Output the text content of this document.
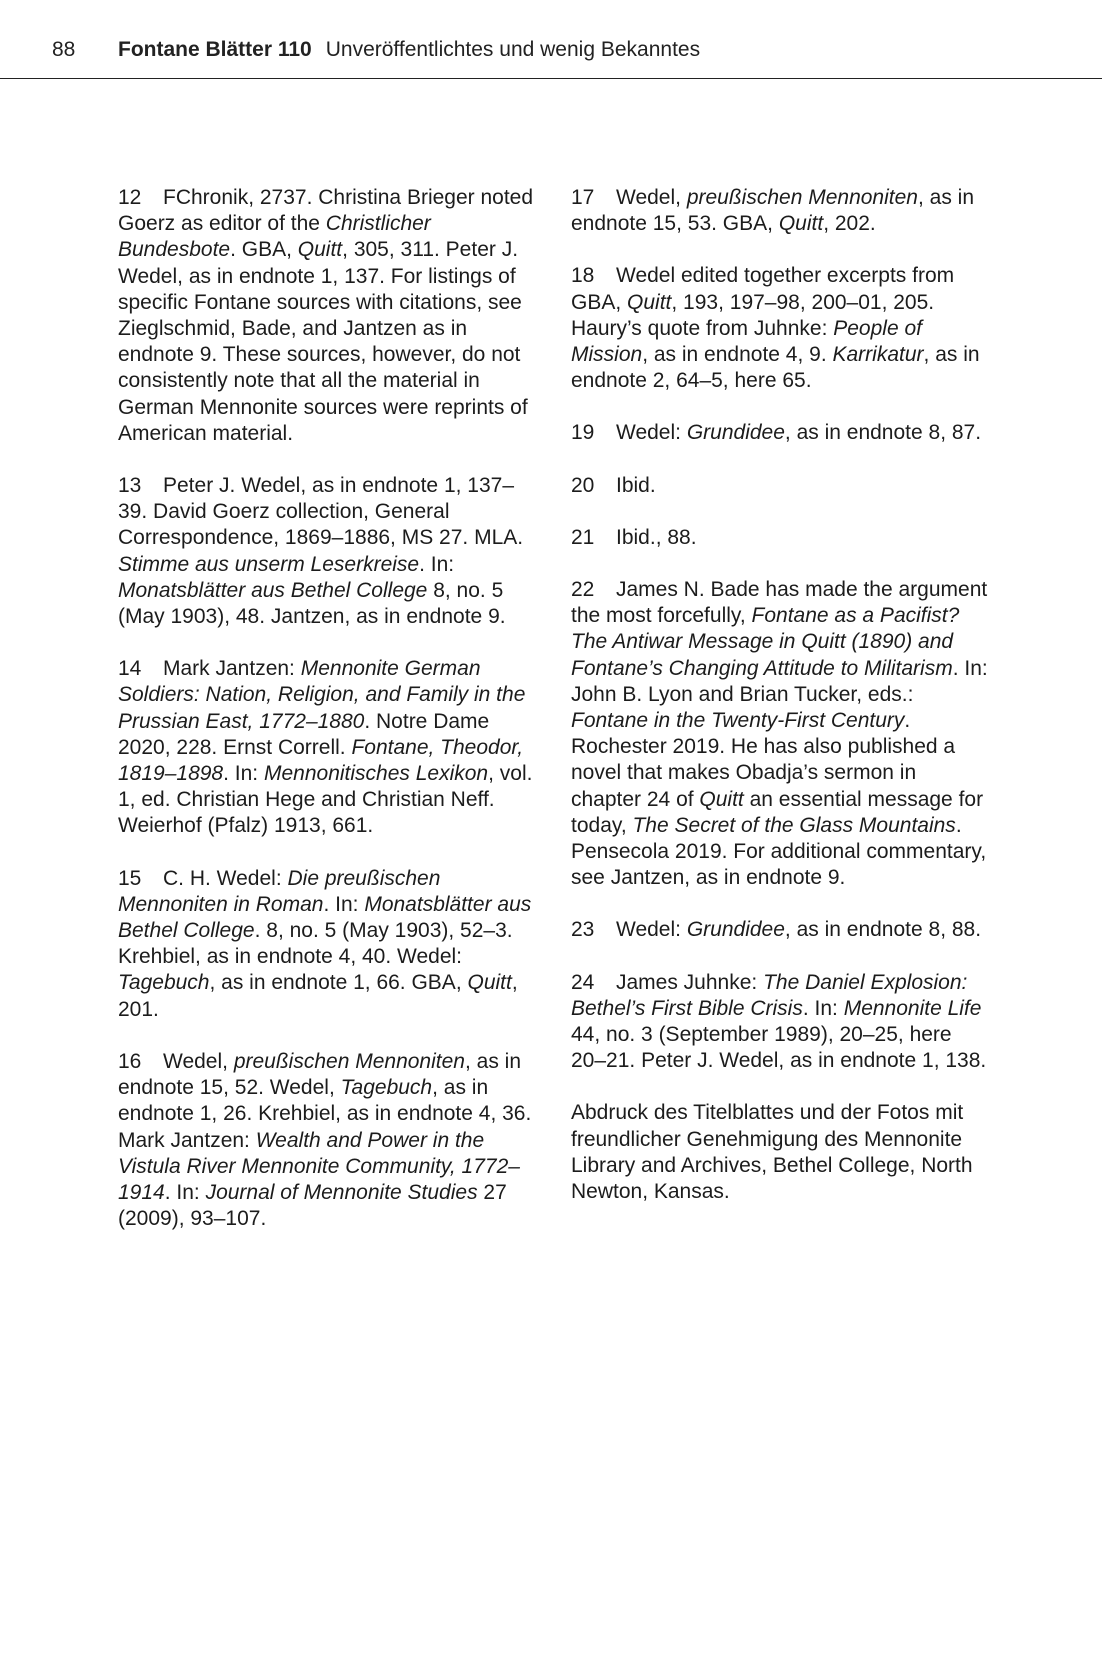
88 Fontane Blätter 110 Unveröffentlichtes und wenig Bekanntes

12 FChronik, 2737. Christina Brieger noted Goerz as editor of the Christlicher Bundesbote. GBA, Quitt, 305, 311. Peter J. Wedel, as in endnote 1, 137. For listings of specific Fontane sources with citations, see Zieglschmid, Bade, and Jantzen as in endnote 9. These sources, however, do not consistently note that all the material in German Mennonite sources were reprints of American material.

13 Peter J. Wedel, as in endnote 1, 137–39. David Goerz collection, General Correspondence, 1869–1886, MS 27. MLA. Stimme aus unserm Leserkreise. In: Monatsblätter aus Bethel College 8, no. 5 (May 1903), 48. Jantzen, as in endnote 9.

14 Mark Jantzen: Mennonite German Soldiers: Nation, Religion, and Family in the Prussian East, 1772–1880. Notre Dame 2020, 228. Ernst Correll. Fontane, Theodor, 1819–1898. In: Mennonitisches Lexikon, vol. 1, ed. Christian Hege and Christian Neff. Weierhof (Pfalz) 1913, 661.

15 C. H. Wedel: Die preußischen Mennoniten in Roman. In: Monatsblätter aus Bethel College. 8, no. 5 (May 1903), 52–3. Krehbiel, as in endnote 4, 40. Wedel: Tagebuch, as in endnote 1, 66. GBA, Quitt, 201.

16 Wedel, preußischen Mennoniten, as in endnote 15, 52. Wedel, Tagebuch, as in endnote 1, 26. Krehbiel, as in endnote 4, 36. Mark Jantzen: Wealth and Power in the Vistula River Mennonite Community, 1772–1914. In: Journal of Mennonite Studies 27 (2009), 93–107.

17 Wedel, preußischen Mennoniten, as in endnote 15, 53. GBA, Quitt, 202.

18 Wedel edited together excerpts from GBA, Quitt, 193, 197–98, 200–01, 205. Haury’s quote from Juhnke: People of Mission, as in endnote 4, 9. Karrikatur, as in endnote 2, 64–5, here 65.

19 Wedel: Grundidee, as in endnote 8, 87.

20 Ibid.

21 Ibid., 88.

22 James N. Bade has made the argument the most forcefully, Fontane as a Pacifist? The Antiwar Message in Quitt (1890) and Fontane’s Changing Attitude to Militarism. In: John B. Lyon and Brian Tucker, eds.: Fontane in the Twenty-First Century. Rochester 2019. He has also published a novel that makes Obadja’s sermon in chapter 24 of Quitt an essential message for today, The Secret of the Glass Mountains. Pensecola 2019. For additional commentary, see Jantzen, as in endnote 9.

23 Wedel: Grundidee, as in endnote 8, 88.

24 James Juhnke: The Daniel Explosion: Bethel’s First Bible Crisis. In: Mennonite Life 44, no. 3 (September 1989), 20–25, here 20–21. Peter J. Wedel, as in endnote 1, 138.

Abdruck des Titelblattes und der Fotos mit freundlicher Genehmigung des Mennonite Library and Archives, Bethel College, North Newton, Kansas.
